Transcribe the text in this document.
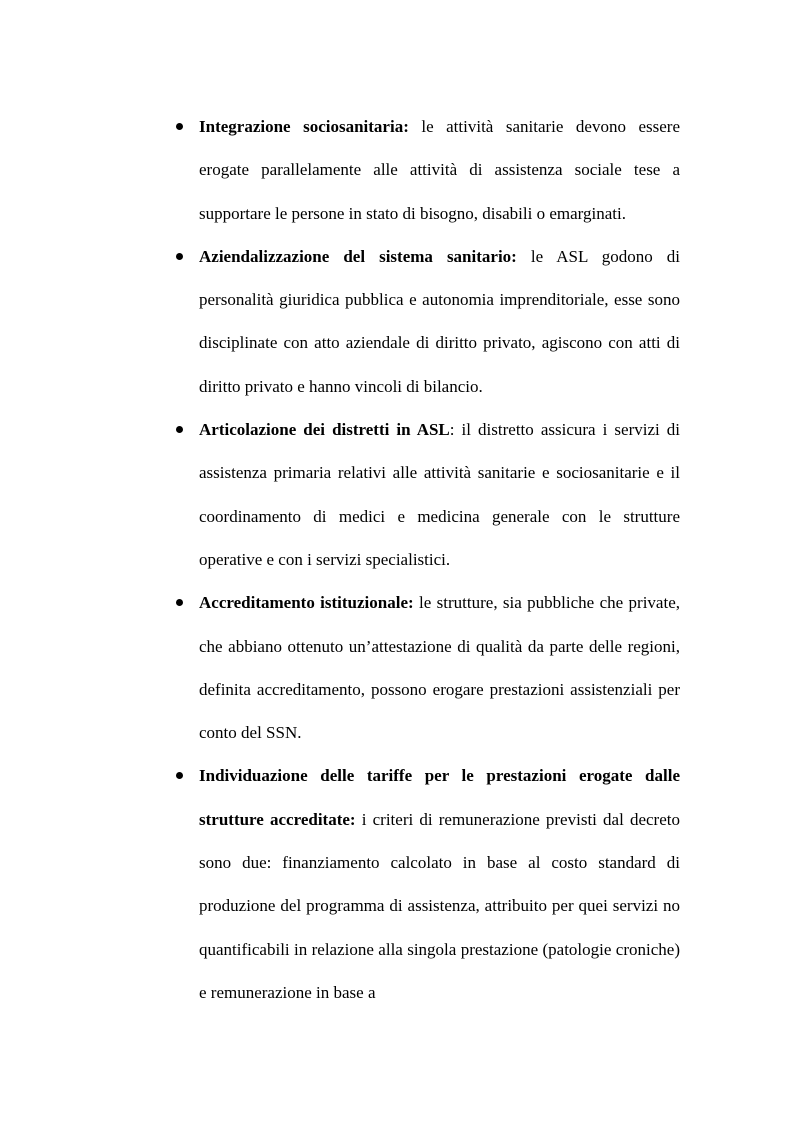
Integrazione sociosanitaria: le attività sanitarie devono essere erogate parallelamente alle attività di assistenza sociale tese a supportare le persone in stato di bisogno, disabili o emarginati.
Aziendalizzazione del sistema sanitario: le ASL godono di personalità giuridica pubblica e autonomia imprenditoriale, esse sono disciplinate con atto aziendale di diritto privato, agiscono con atti di diritto privato e hanno vincoli di bilancio.
Articolazione dei distretti in ASL: il distretto assicura i servizi di assistenza primaria relativi alle attività sanitarie e sociosanitarie e il coordinamento di medici e medicina generale con le strutture operative e con i servizi specialistici.
Accreditamento istituzionale: le strutture, sia pubbliche che private, che abbiano ottenuto un’attestazione di qualità da parte delle regioni, definita accreditamento, possono erogare prestazioni assistenziali per conto del SSN.
Individuazione delle tariffe per le prestazioni erogate dalle strutture accreditate: i criteri di remunerazione previsti dal decreto sono due: finanziamento calcolato in base al costo standard di produzione del programma di assistenza, attribuito per quei servizi no quantificabili in relazione alla singola prestazione (patologie croniche) e remunerazione in base a
